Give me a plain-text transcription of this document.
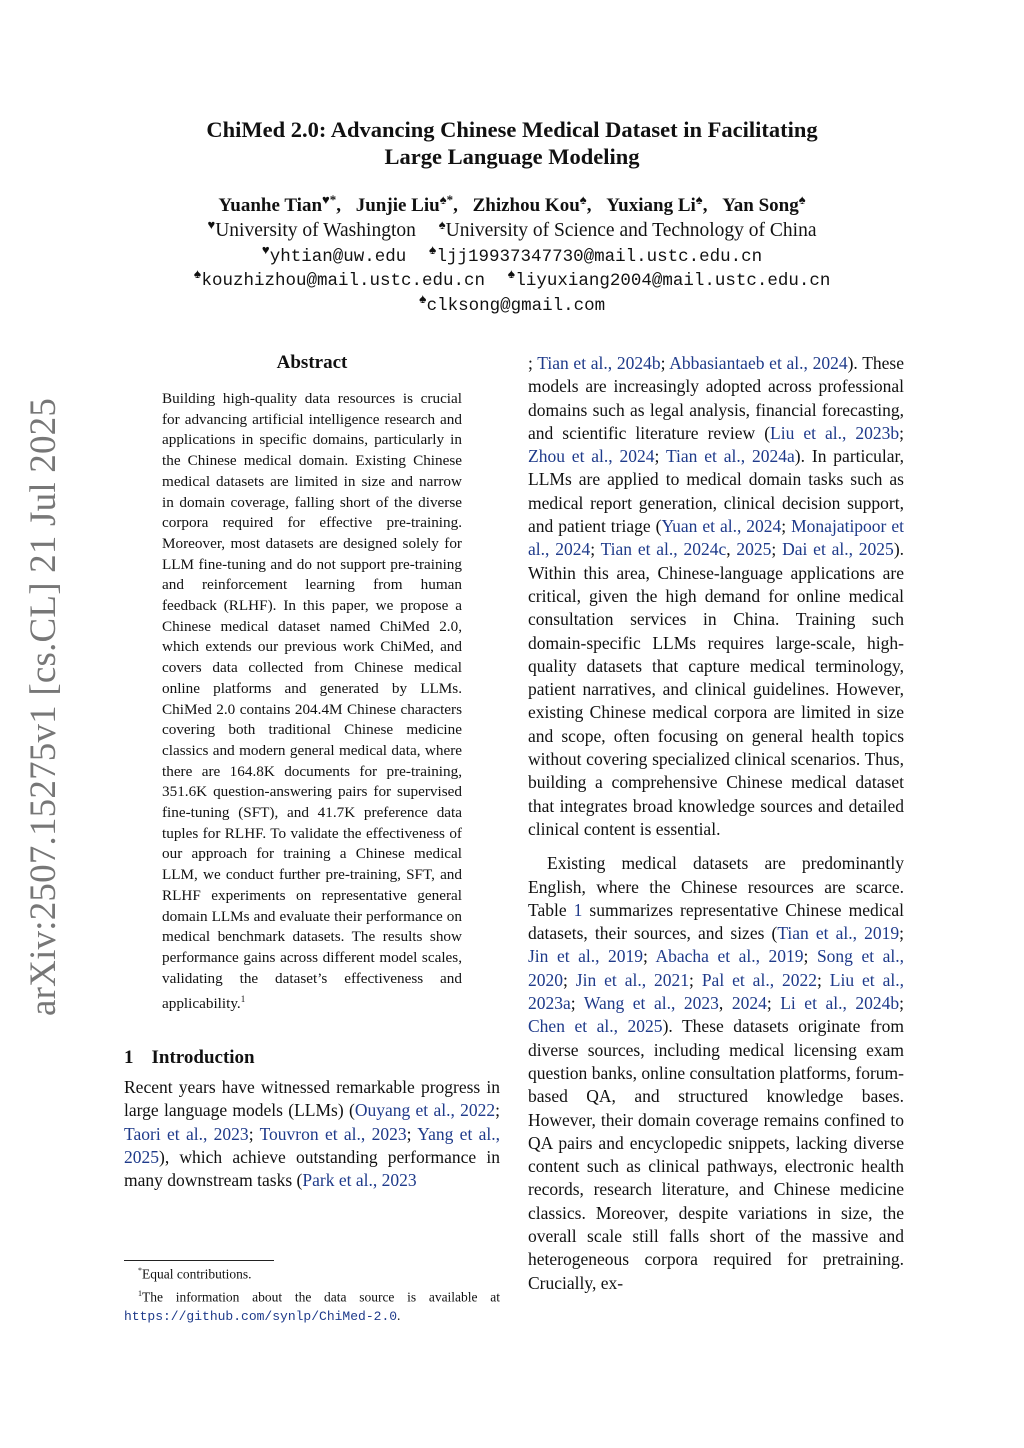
arXiv:2507.15275v1 [cs.CL] 21 Jul 2025
ChiMed 2.0: Advancing Chinese Medical Dataset in Facilitating
Large Language Modeling
Yuanhe Tian♥*, Junjie Liu♠*, Zhizhou Kou♠, Yuxiang Li♠, Yan Song♠
♥University of Washington ♠University of Science and Technology of China
♥yhtian@uw.edu ♠ljj19937347730@mail.ustc.edu.cn
♠kouzhizhou@mail.ustc.edu.cn ♠liyuxiang2004@mail.ustc.edu.cn
♠clksong@gmail.com
Abstract
Building high-quality data resources is crucial for advancing artificial intelligence research and applications in specific domains, particularly in the Chinese medical domain. Existing Chinese medical datasets are limited in size and narrow in domain coverage, falling short of the diverse corpora required for effective pre-training. Moreover, most datasets are designed solely for LLM fine-tuning and do not support pre-training and reinforcement learning from human feedback (RLHF). In this paper, we propose a Chinese medical dataset named ChiMed 2.0, which extends our previous work ChiMed, and covers data collected from Chinese medical online platforms and generated by LLMs. ChiMed 2.0 contains 204.4M Chinese characters covering both traditional Chinese medicine classics and modern general medical data, where there are 164.8K documents for pre-training, 351.6K question-answering pairs for supervised fine-tuning (SFT), and 41.7K preference data tuples for RLHF. To validate the effectiveness of our approach for training a Chinese medical LLM, we conduct further pre-training, SFT, and RLHF experiments on representative general domain LLMs and evaluate their performance on medical benchmark datasets. The results show performance gains across different model scales, validating the dataset’s effectiveness and applicability.$^1$
1 Introduction

Recent years have witnessed remarkable progress in large language models (LLMs) (Ouyang et al., 2022; Taori et al., 2023; Touvron et al., 2023; Yang et al., 2025), which achieve outstanding performance in many downstream tasks (Park et al., 2023

; Tian et al., 2024b; Abbasiantaeb et al., 2024). These models are increasingly adopted across professional domains such as legal analysis, financial forecasting, and scientific literature review (Liu et al., 2023b; Zhou et al., 2024; Tian et al., 2024a). In particular, LLMs are applied to medical domain tasks such as medical report generation, clinical decision support, and patient triage (Yuan et al., 2024; Monajatipoor et al., 2024; Tian et al., 2024c, 2025; Dai et al., 2025). Within this area, Chinese-language applications are critical, given the high demand for online medical consultation services in China. Training such domain-specific LLMs requires large-scale, high-quality datasets that capture medical terminology, patient narratives, and clinical guidelines. However, existing Chinese medical corpora are limited in size and scope, often focusing on general health topics without covering specialized clinical scenarios. Thus, building a comprehensive Chinese medical dataset that integrates broad knowledge sources and detailed clinical content is essential.

Existing medical datasets are predominantly English, where the Chinese resources are scarce. Table 1 summarizes representative Chinese medical datasets, their sources, and sizes (Tian et al., 2019; Jin et al., 2019; Abacha et al., 2019; Song et al., 2020; Jin et al., 2021; Pal et al., 2022; Liu et al., 2023a; Wang et al., 2023, 2024; Li et al., 2024b; Chen et al., 2025). These datasets originate from diverse sources, including medical licensing exam question banks, online consultation platforms, forum-based QA, and structured knowledge bases. However, their domain coverage remains confined to QA pairs and encyclopedic snippets, lacking diverse content such as clinical pathways, electronic health records, research literature, and Chinese medicine classics. Moreover, despite variations in size, the overall scale still falls short of the massive and heterogeneous corpora required for pretraining. Crucially, ex-

*Equal contributions.
$^1$The information about the data source is available at https://github.com/synlp/ChiMed-2.0.
